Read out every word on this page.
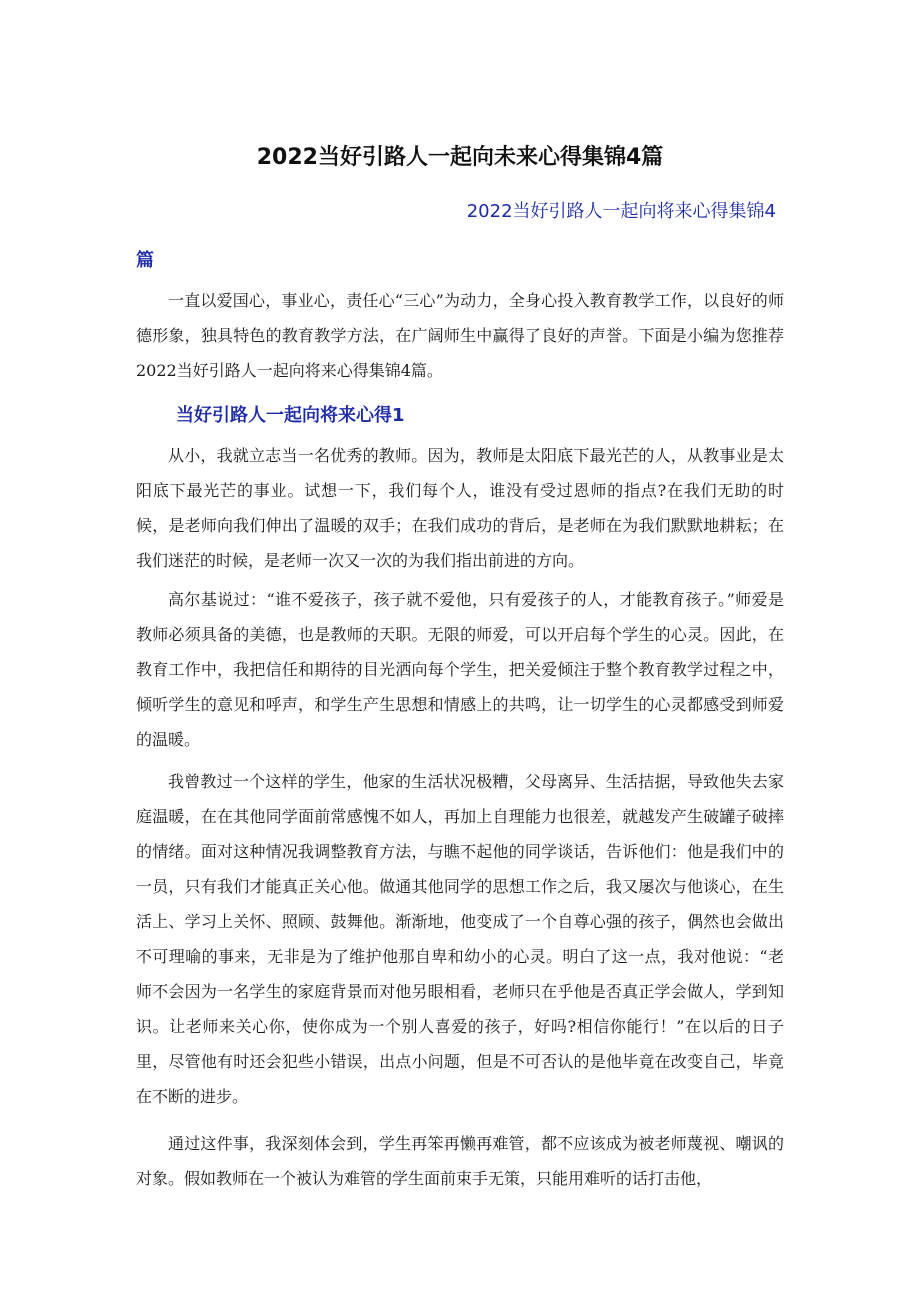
2022当好引路人一起向未来心得集锦4篇
2022当好引路人一起向将来心得集锦4
篇

一直以爱国心，事业心，责任心“三心”为动力，全身心投入教育教学工作，以良好的师德形象，独具特色的教育教学方法，在广阔师生中赢得了良好的声誉。下面是小编为您推荐2022当好引路人一起向将来心得集锦4篇。

当好引路人一起向将来心得1

从小，我就立志当一名优秀的教师。因为，教师是太阳底下最光芒的人，从教事业是太阳底下最光芒的事业。试想一下，我们每个人，谁没有受过恩师的指点?在我们无助的时候，是老师向我们伸出了温暖的双手；在我们成功的背后，是老师在为我们默默地耕耘；在我们迷茫的时候，是老师一次又一次的为我们指出前进的方向。

高尔基说过：“谁不爱孩子，孩子就不爱他，只有爱孩子的人，才能教育孩子。”师爱是教师必须具备的美德，也是教师的天职。无限的师爱，可以开启每个学生的心灵。因此，在教育工作中，我把信任和期待的目光洒向每个学生，把关爱倾注于整个教育教学过程之中，倾听学生的意见和呼声，和学生产生思想和情感上的共鸣，让一切学生的心灵都感受到师爱的温暖。

我曾教过一个这样的学生，他家的生活状况极糟，父母离异、生活拮据，导致他失去家庭温暖，在在其他同学面前常感愧不如人，再加上自理能力也很差，就越发产生破罐子破摔的情绪。面对这种情况我调整教育方法，与瞧不起他的同学谈话，告诉他们：他是我们中的一员，只有我们才能真正关心他。做通其他同学的思想工作之后，我又屡次与他谈心，在生活上、学习上关怀、照顾、鼓舞他。渐渐地，他变成了一个自尊心强的孩子，偶然也会做出不可理喻的事来，无非是为了维护他那自卑和幼小的心灵。明白了这一点，我对他说：“老师不会因为一名学生的家庭背景而对他另眼相看，老师只在乎他是否真正学会做人，学到知识。让老师来关心你，使你成为一个别人喜爱的孩子，好吗?相信你能行！”在以后的日子里，尽管他有时还会犯些小错误，出点小问题，但是不可否认的是他毕竟在改变自己，毕竟在不断的进步。

通过这件事，我深刻体会到，学生再笨再懒再难管，都不应该成为被老师蔑视、嘲讽的对象。假如教师在一个被认为难管的学生面前束手无策，只能用难听的话打击他，
